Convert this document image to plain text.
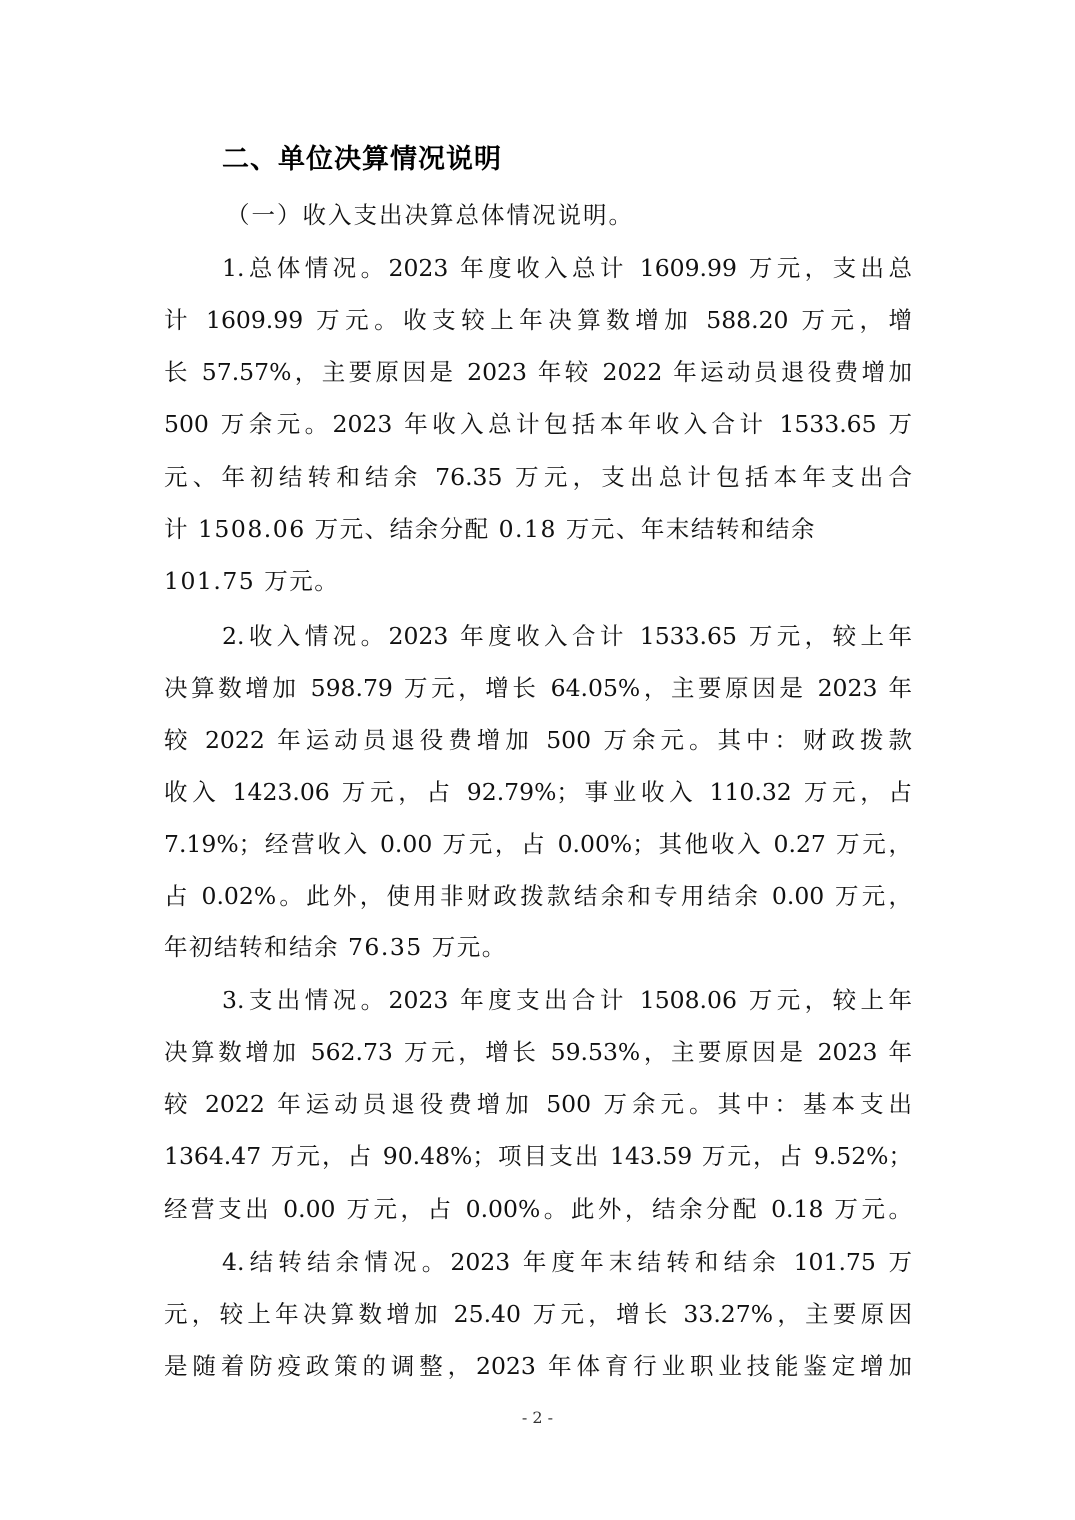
二、单位决算情况说明
（一）收入支出决算总体情况说明。
1.总体情况。2023 年度收入总计 1609.99 万元，支出总
计 1609.99 万元。收支较上年决算数增加 588.20 万元，增
长 57.57%，主要原因是 2023 年较 2022 年运动员退役费增加
500 万余元。2023 年收入总计包括本年收入合计 1533.65 万
元、年初结转和结余 76.35 万元，支出总计包括本年支出合
计 1508.06 万元、结余分配 0.18 万元、年末结转和结余
101.75 万元。
2.收入情况。2023 年度收入合计 1533.65 万元，较上年
决算数增加 598.79 万元，增长 64.05%，主要原因是 2023 年
较 2022 年运动员退役费增加 500 万余元。其中：财政拨款
收入 1423.06 万元，占 92.79%；事业收入 110.32 万元，占
7.19%；经营收入 0.00 万元，占 0.00%；其他收入 0.27 万元，
占 0.02%。此外，使用非财政拨款结余和专用结余 0.00 万元，
年初结转和结余 76.35 万元。
3.支出情况。2023 年度支出合计 1508.06 万元，较上年
决算数增加 562.73 万元，增长 59.53%，主要原因是 2023 年
较 2022 年运动员退役费增加 500 万余元。其中：基本支出
1364.47 万元，占 90.48%；项目支出 143.59 万元，占 9.52%；
经营支出 0.00 万元，占 0.00%。此外，结余分配 0.18 万元。
4.结转结余情况。2023 年度年末结转和结余 101.75 万
元，较上年决算数增加 25.40 万元，增长 33.27%，主要原因
是随着防疫政策的调整，2023 年体育行业职业技能鉴定增加
- 2 -
